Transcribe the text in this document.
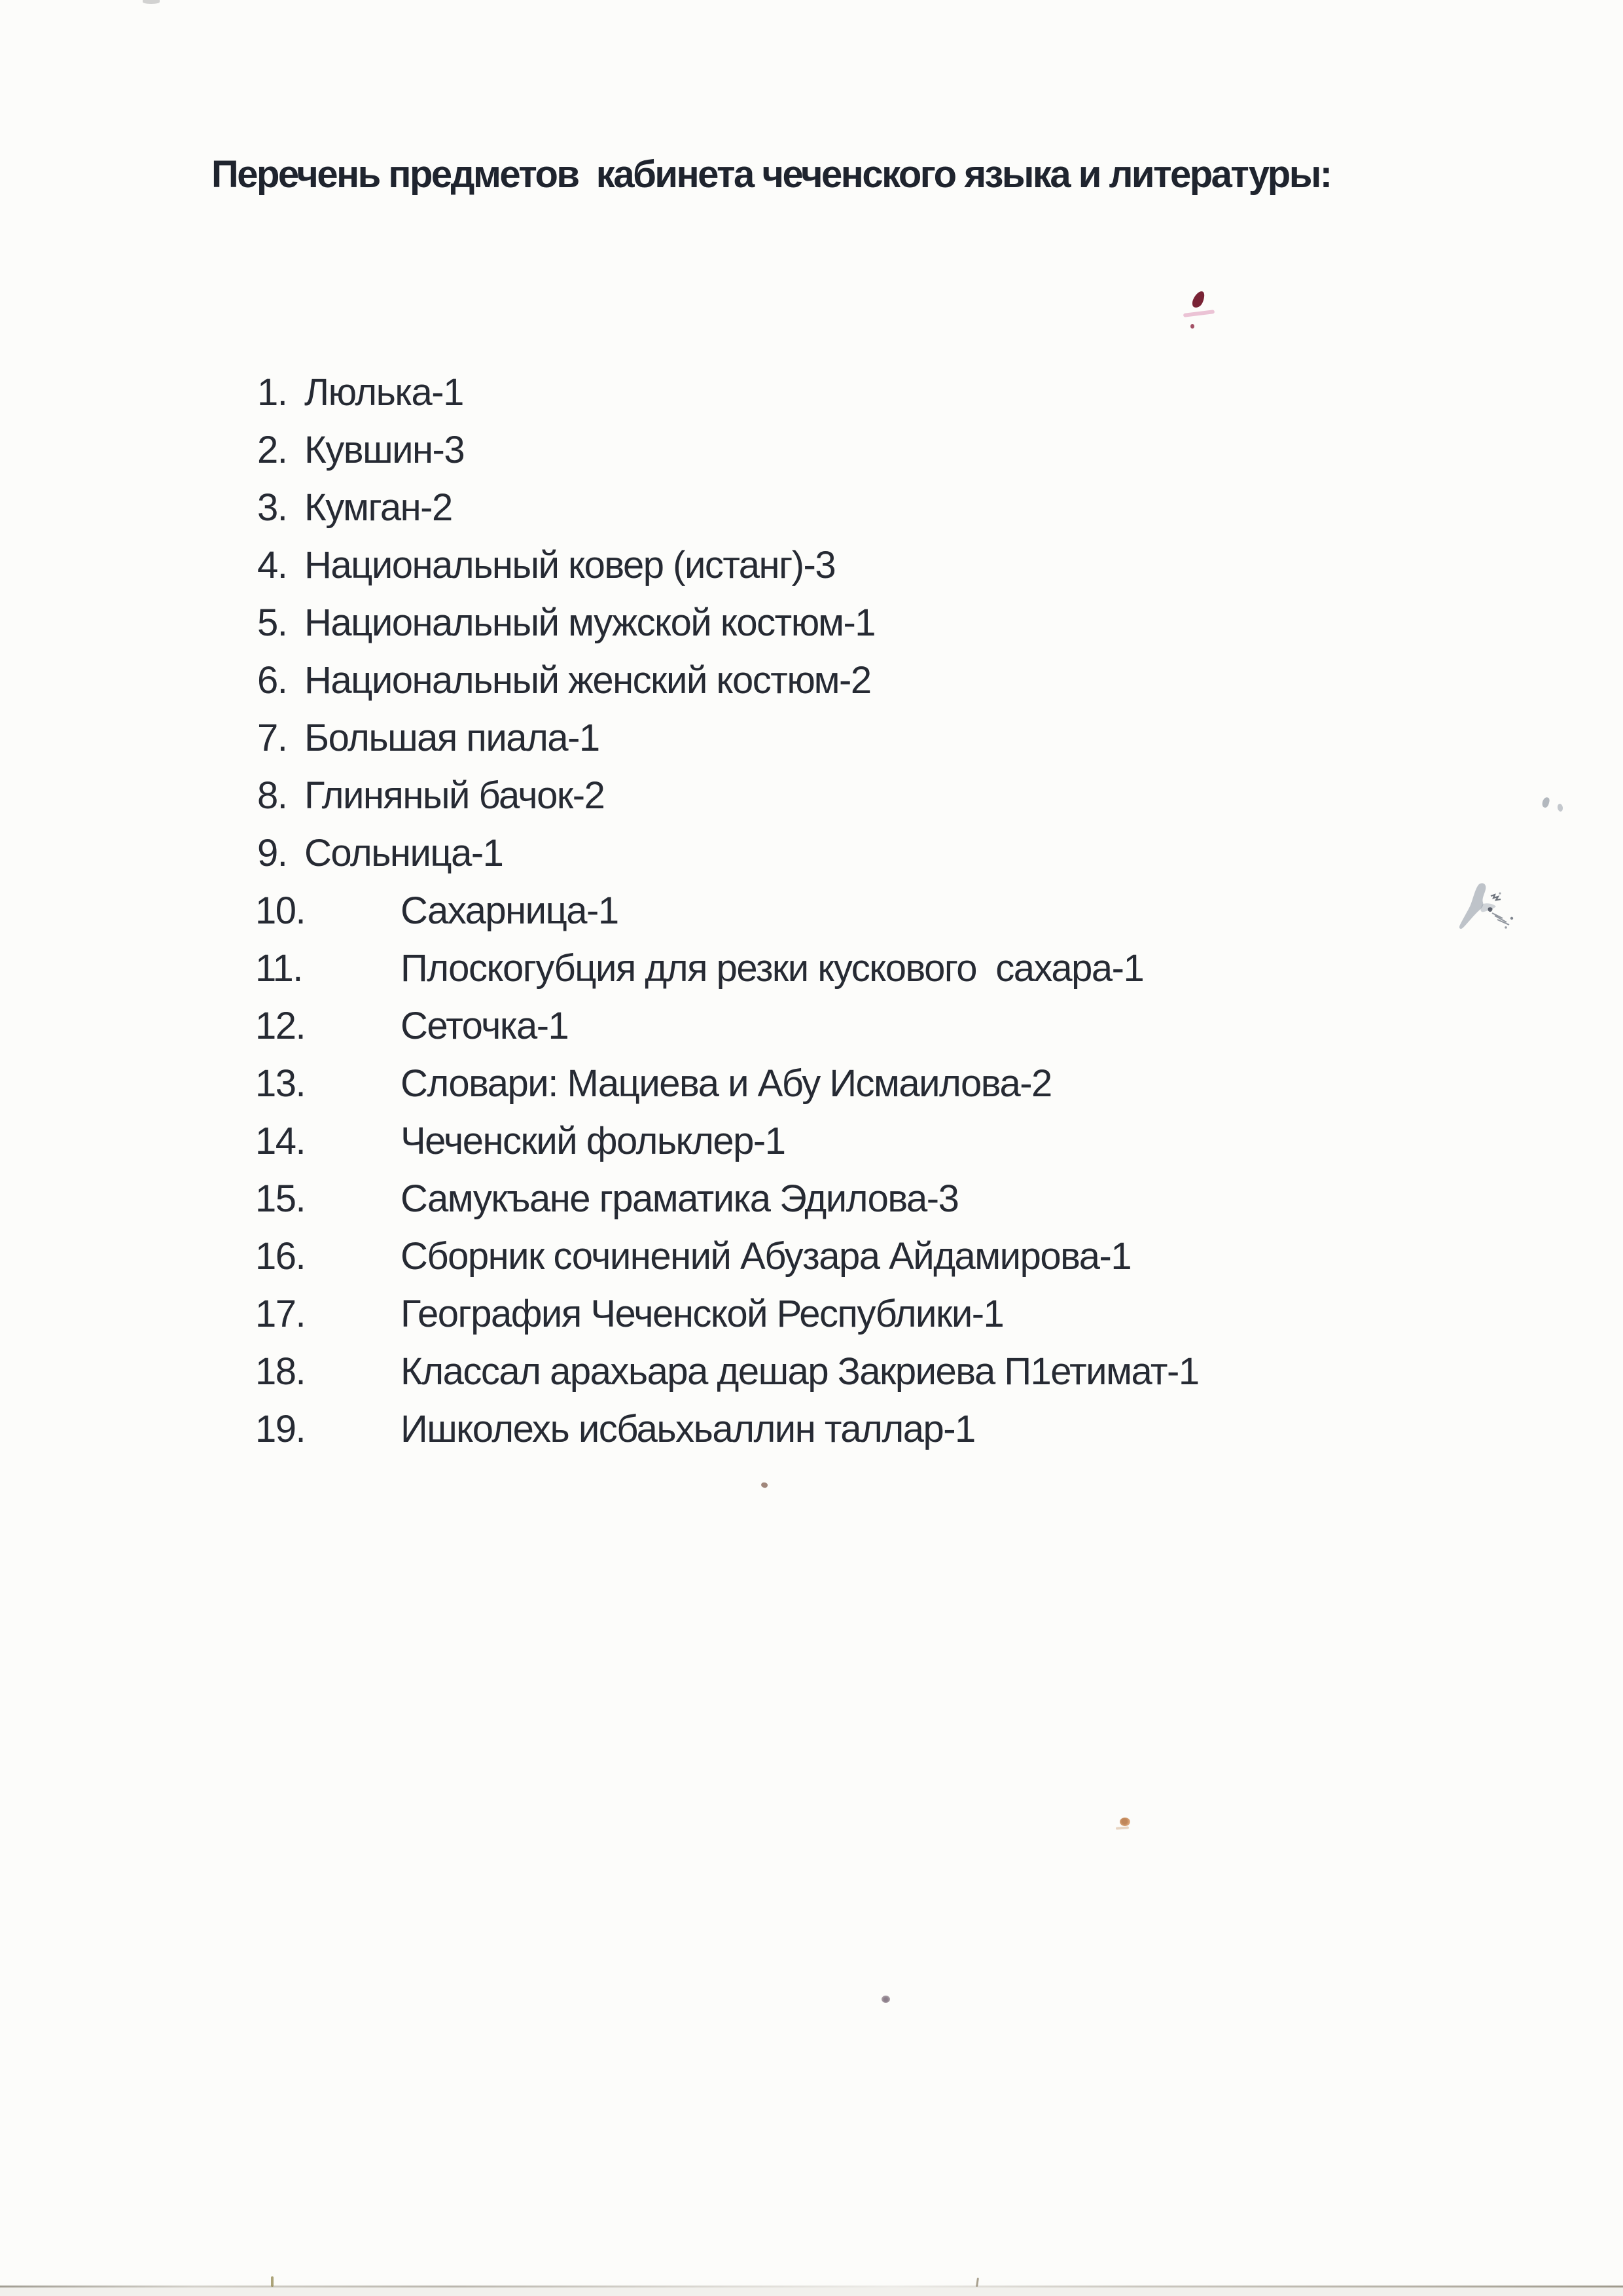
Перечень предметов  кабинета чеченского языка и литературы:
1. Люлька-1
2. Кувшин-3
3. Кумган-2
4. Национальный ковер (истанг)-3
5. Национальный мужской костюм-1
6. Национальный женский костюм-2
7. Большая пиала-1
8. Глиняный бачок-2
9. Сольница-1
10.	Сахарница-1
11.	Плоскогубция для резки кускового  сахара-1
12.	Сеточка-1
13.	Словари: Мациева и Абу Исмаилова-2
14.	Чеченский фольклер-1
15.	Самукъане граматика Эдилова-3
16.	Сборник сочинений Абузара Айдамирова-1
17.	География Чеченской Республики-1
18.	Классал арахьара дешар Закриева П1етимат-1
19.	Ишколехь исбаьхьаллин таллар-1
